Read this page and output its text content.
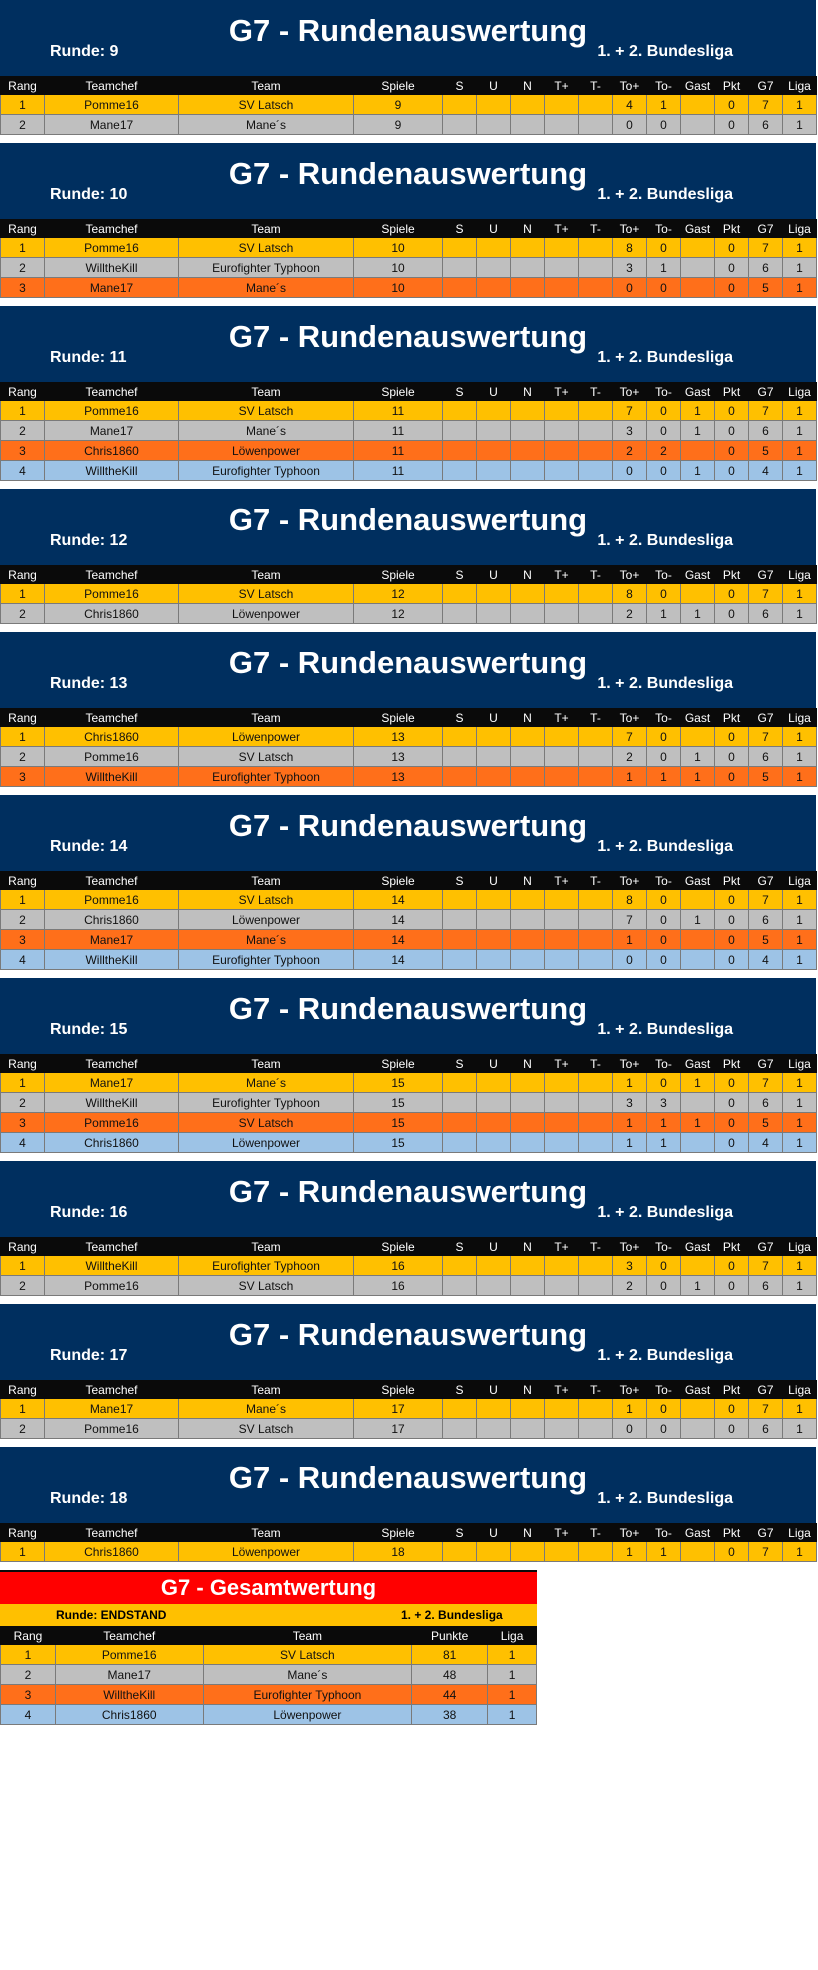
G7 - Rundenauswertung
Runde: 9	1. + 2. Bundesliga
Rang	Teamchef	Team	Spiele	S	U	N	T+	T-	To+	To-	Gast	Pkt	G7	Liga
1	Pomme16	SV Latsch	9						4	1		0	7	1
2	Mane17	Mane´s	9						0	0		0	6	1
G7 - Rundenauswertung
Runde: 10	1. + 2. Bundesliga
Rang	Teamchef	Team	Spiele	S	U	N	T+	T-	To+	To-	Gast	Pkt	G7	Liga
1	Pomme16	SV Latsch	10						8	0		0	7	1
2	WilltheKill	Eurofighter Typhoon	10						3	1		0	6	1
3	Mane17	Mane´s	10						0	0		0	5	1
G7 - Rundenauswertung
Runde: 11	1. + 2. Bundesliga
Rang	Teamchef	Team	Spiele	S	U	N	T+	T-	To+	To-	Gast	Pkt	G7	Liga
1	Pomme16	SV Latsch	11						7	0	1	0	7	1
2	Mane17	Mane´s	11						3	0	1	0	6	1
3	Chris1860	Löwenpower	11						2	2		0	5	1
4	WilltheKill	Eurofighter Typhoon	11						0	0	1	0	4	1
G7 - Rundenauswertung
Runde: 12	1. + 2. Bundesliga
Rang	Teamchef	Team	Spiele	S	U	N	T+	T-	To+	To-	Gast	Pkt	G7	Liga
1	Pomme16	SV Latsch	12						8	0		0	7	1
2	Chris1860	Löwenpower	12						2	1	1	0	6	1
G7 - Rundenauswertung
Runde: 13	1. + 2. Bundesliga
Rang	Teamchef	Team	Spiele	S	U	N	T+	T-	To+	To-	Gast	Pkt	G7	Liga
1	Chris1860	Löwenpower	13						7	0		0	7	1
2	Pomme16	SV Latsch	13						2	0	1	0	6	1
3	WilltheKill	Eurofighter Typhoon	13						1	1	1	0	5	1
G7 - Rundenauswertung
Runde: 14	1. + 2. Bundesliga
Rang	Teamchef	Team	Spiele	S	U	N	T+	T-	To+	To-	Gast	Pkt	G7	Liga
1	Pomme16	SV Latsch	14						8	0		0	7	1
2	Chris1860	Löwenpower	14						7	0	1	0	6	1
3	Mane17	Mane´s	14						1	0		0	5	1
4	WilltheKill	Eurofighter Typhoon	14						0	0		0	4	1
G7 - Rundenauswertung
Runde: 15	1. + 2. Bundesliga
Rang	Teamchef	Team	Spiele	S	U	N	T+	T-	To+	To-	Gast	Pkt	G7	Liga
1	Mane17	Mane´s	15						1	0	1	0	7	1
2	WilltheKill	Eurofighter Typhoon	15						3	3		0	6	1
3	Pomme16	SV Latsch	15						1	1	1	0	5	1
4	Chris1860	Löwenpower	15						1	1		0	4	1
G7 - Rundenauswertung
Runde: 16	1. + 2. Bundesliga
Rang	Teamchef	Team	Spiele	S	U	N	T+	T-	To+	To-	Gast	Pkt	G7	Liga
1	WilltheKill	Eurofighter Typhoon	16						3	0		0	7	1
2	Pomme16	SV Latsch	16						2	0	1	0	6	1
G7 - Rundenauswertung
Runde: 17	1. + 2. Bundesliga
Rang	Teamchef	Team	Spiele	S	U	N	T+	T-	To+	To-	Gast	Pkt	G7	Liga
1	Mane17	Mane´s	17						1	0		0	7	1
2	Pomme16	SV Latsch	17						0	0		0	6	1
G7 - Rundenauswertung
Runde: 18	1. + 2. Bundesliga
Rang	Teamchef	Team	Spiele	S	U	N	T+	T-	To+	To-	Gast	Pkt	G7	Liga
1	Chris1860	Löwenpower	18						1	1		0	7	1
G7 - Gesamtwertung
Runde: ENDSTAND	1. + 2. Bundesliga
Rang	Teamchef	Team	Punkte	Liga
1	Pomme16	SV Latsch	81	1
2	Mane17	Mane´s	48	1
3	WilltheKill	Eurofighter Typhoon	44	1
4	Chris1860	Löwenpower	38	1
